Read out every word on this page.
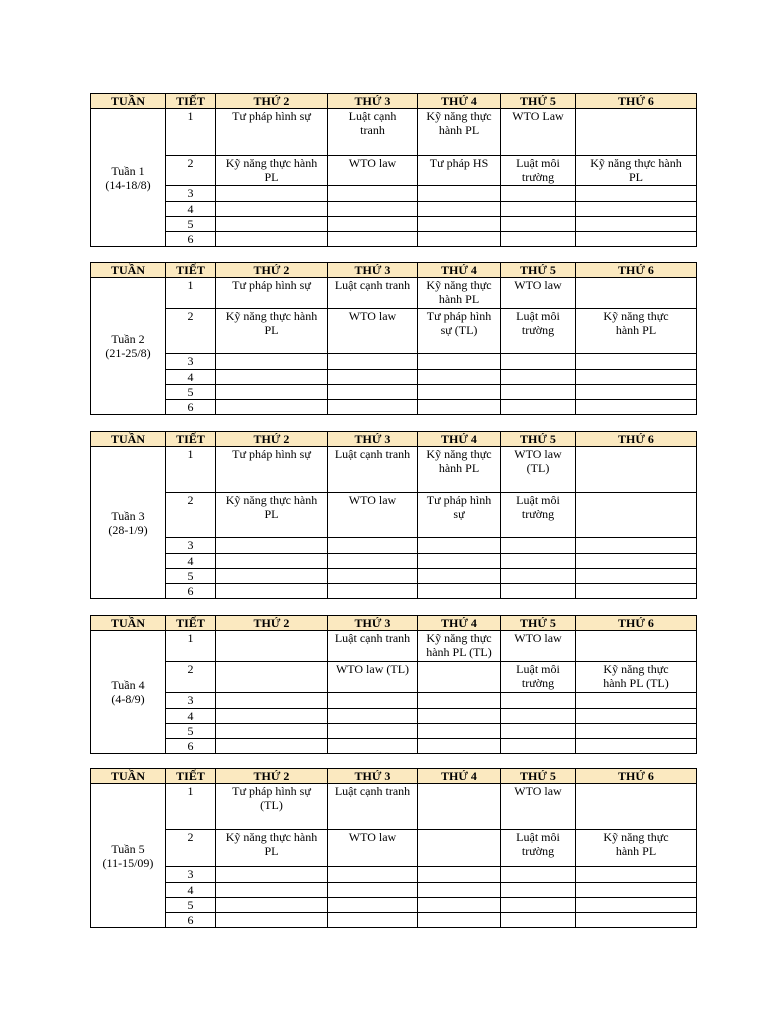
TUẦN	TIẾT	THỨ 2	THỨ 3	THỨ 4	THỨ 5	THỨ 6

Tuần 1
(14-18/8)	1	Tư pháp hình sự	Luật cạnh
tranh	Kỹ năng thực
hành PL	WTO Law	

	2	Kỹ năng thực hành
PL	WTO law	Tư pháp HS	Luật môi
trường	Kỹ năng thực hành
PL

	3					
	4					
	5					
	6					
TUẦN	TIẾT	THỨ 2	THỨ 3	THỨ 4	THỨ 5	THỨ 6

Tuần 2
(21-25/8)	1	Tư pháp hình sự	Luật cạnh tranh	Kỹ năng thực
hành PL	WTO law	

	2	Kỹ năng thực hành
PL	WTO law	Tư pháp hình
sự (TL)	Luật môi
trường	Kỹ năng thực
hành PL

	3					
	4					
	5					
	6					
TUẦN	TIẾT	THỨ 2	THỨ 3	THỨ 4	THỨ 5	THỨ 6

Tuần 3
(28-1/9)	1	Tư pháp hình sự	Luật cạnh tranh	Kỹ năng thực
hành PL	WTO law
(TL)	

	2	Kỹ năng thực hành
PL	WTO law	Tư pháp hình
sự	Luật môi
trường	

	3					
	4					
	5					
	6					
TUẦN	TIẾT	THỨ 2	THỨ 3	THỨ 4	THỨ 5	THỨ 6

Tuần 4
(4-8/9)	1		Luật cạnh tranh	Kỹ năng thực
hành PL (TL)	WTO law	

	2		WTO law (TL)		Luật môi
trường	Kỹ năng thực
hành PL (TL)

	3					
	4					
	5					
	6					
TUẦN	TIẾT	THỨ 2	THỨ 3	THỨ 4	THỨ 5	THỨ 6

Tuần 5
(11-15/09)	1	Tư pháp hình sự
(TL)	Luật cạnh tranh		WTO law	

	2	Kỹ năng thực hành
PL	WTO law		Luật môi
trường	Kỹ năng thực
hành PL

	3					
	4					
	5					
	6					
